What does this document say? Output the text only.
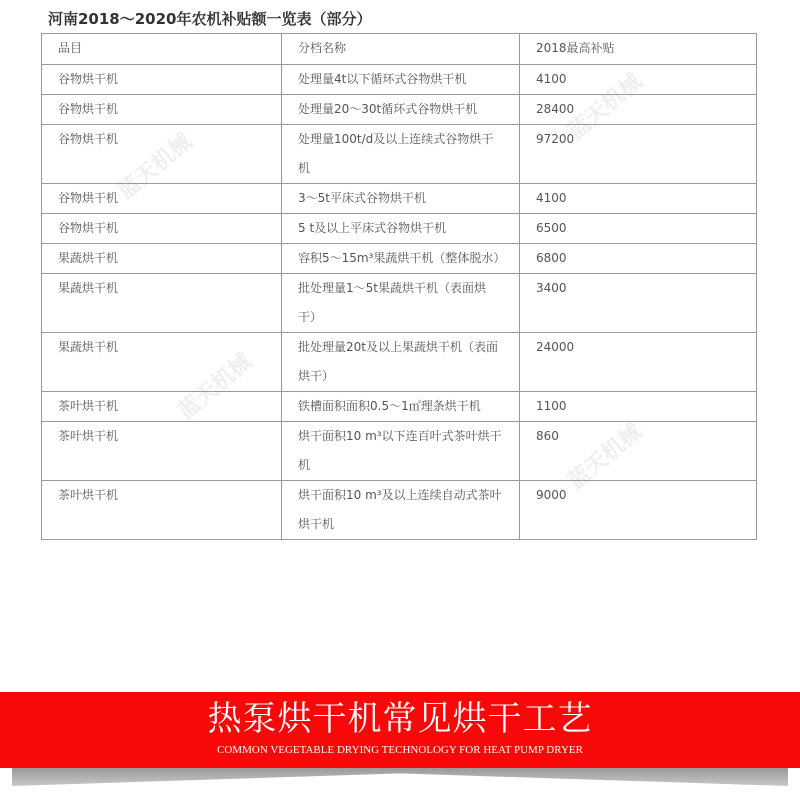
蓝天机械
蓝天机械
蓝天机械
蓝天机械
河南2018～2020年农机补贴额一览表（部分）
品目	分档名称	2018最高补贴
谷物烘干机	处理量4t以下循环式谷物烘干机	4100
谷物烘干机	处理量20～30t循环式谷物烘干机	28400
谷物烘干机	处理量100t/d及以上连续式谷物烘干机	97200
谷物烘干机	3～5t平床式谷物烘干机	4100
谷物烘干机	5 t及以上平床式谷物烘干机	6500
果蔬烘干机	容积5～15m³果蔬烘干机（整体脱水）	6800
果蔬烘干机	批处理量1～5t果蔬烘干机（表面烘干）	3400
果蔬烘干机	批处理量20t及以上果蔬烘干机（表面烘干）	24000
茶叶烘干机	铁槽面积面积0.5～1㎡理条烘干机	1100
茶叶烘干机	烘干面积10 m³以下连百叶式茶叶烘干机	860
茶叶烘干机	烘干面积10 m³及以上连续自动式茶叶烘干机	9000
热泵烘干机常见烘干工艺
COMMON VEGETABLE DRYING TECHNOLOGY FOR HEAT PUMP DRYER
